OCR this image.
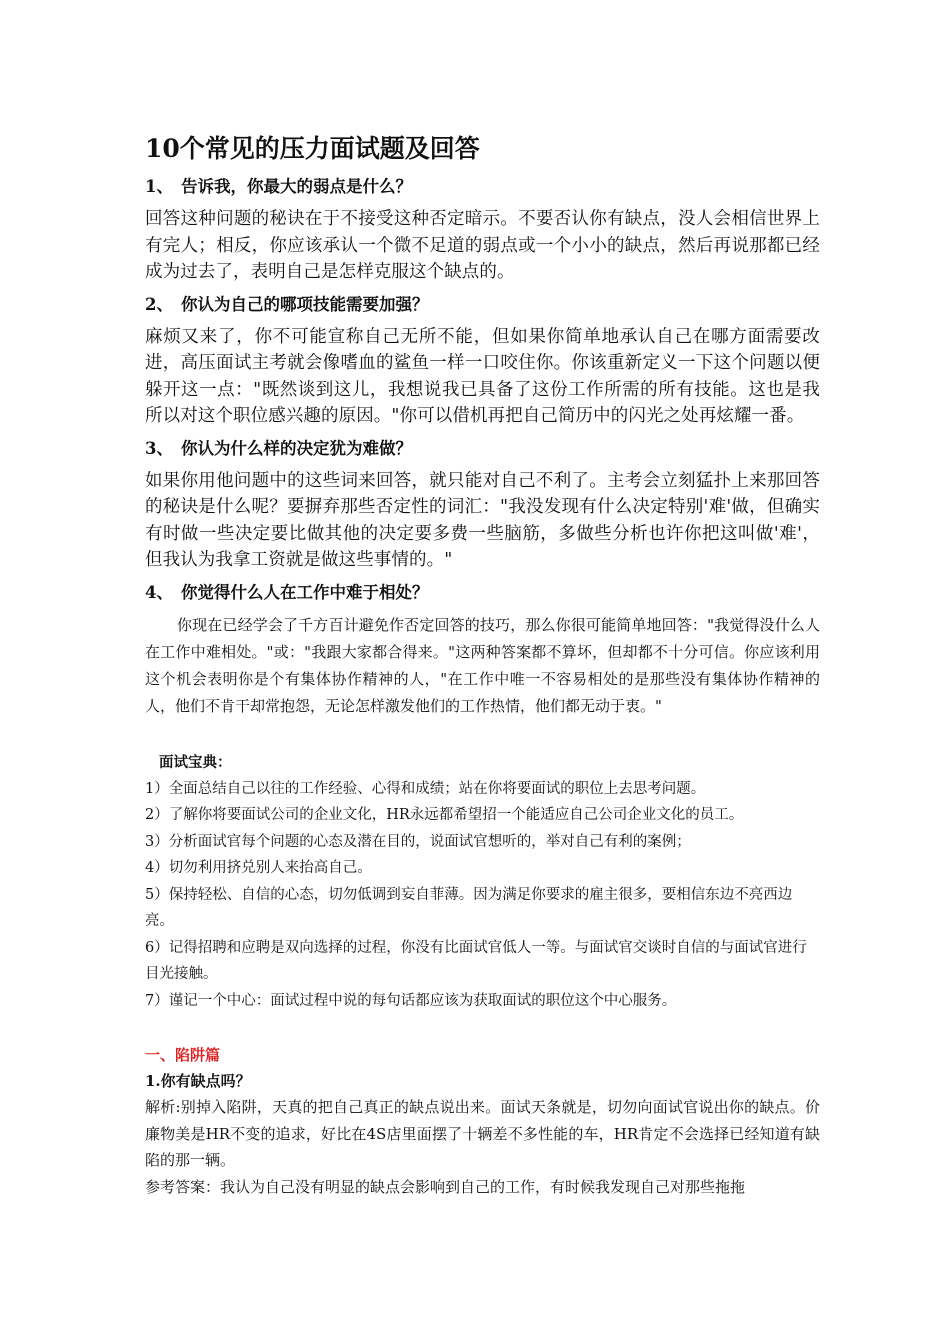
10个常见的压力面试题及回答
1、 告诉我，你最大的弱点是什么？

回答这种问题的秘诀在于不接受这种否定暗示。不要否认你有缺点，没人会相信世界上有完人；相反，你应该承认一个微不足道的弱点或一个小小的缺点，然后再说那都已经成为过去了，表明自己是怎样克服这个缺点的。

2、 你认为自己的哪项技能需要加强？

麻烦又来了，你不可能宣称自己无所不能，但如果你简单地承认自己在哪方面需要改进，高压面试主考就会像嗜血的鲨鱼一样一口咬住你。你该重新定义一下这个问题以便躲开这一点："既然谈到这儿，我想说我已具备了这份工作所需的所有技能。这也是我所以对这个职位感兴趣的原因。"你可以借机再把自己简历中的闪光之处再炫耀一番。

3、 你认为什么样的决定犹为难做？

如果你用他问题中的这些词来回答，就只能对自己不利了。主考会立刻猛扑上来那回答的秘诀是什么呢？要摒弃那些否定性的词汇："我没发现有什么决定特别'难'做，但确实有时做一些决定要比做其他的决定要多费一些脑筋，多做些分析也许你把这叫做'难'，但我认为我拿工资就是做这些事情的。"

4、 你觉得什么人在工作中难于相处？

你现在已经学会了千方百计避免作否定回答的技巧，那么你很可能简单地回答："我觉得没什么人在工作中难相处。"或："我跟大家都合得来。"这两种答案都不算坏，但却都不十分可信。你应该利用这个机会表明你是个有集体协作精神的人，"在工作中唯一不容易相处的是那些没有集体协作精神的人，他们不肯干却常抱怨，无论怎样激发他们的工作热情，他们都无动于衷。"

面试宝典：
1）全面总结自己以往的工作经验、心得和成绩；站在你将要面试的职位上去思考问题。
2）了解你将要面试公司的企业文化，HR永远都希望招一个能适应自己公司企业文化的员工。
3）分析面试官每个问题的心态及潜在目的，说面试官想听的，举对自己有利的案例；
4）切勿利用挤兑别人来抬高自己。
5）保持轻松、自信的心态，切勿低调到妄自菲薄。因为满足你要求的雇主很多，要相信东边不亮西边亮。
6）记得招聘和应聘是双向选择的过程，你没有比面试官低人一等。与面试官交谈时自信的与面试官进行目光接触。
7）谨记一个中心：面试过程中说的每句话都应该为获取面试的职位这个中心服务。
一、陷阱篇
1.你有缺点吗？

解析:别掉入陷阱，天真的把自己真正的缺点说出来。面试天条就是，切勿向面试官说出你的缺点。价廉物美是HR不变的追求，好比在4S店里面摆了十辆差不多性能的车，HR肯定不会选择已经知道有缺陷的那一辆。

参考答案：我认为自己没有明显的缺点会影响到自己的工作，有时候我发现自己对那些拖拖
